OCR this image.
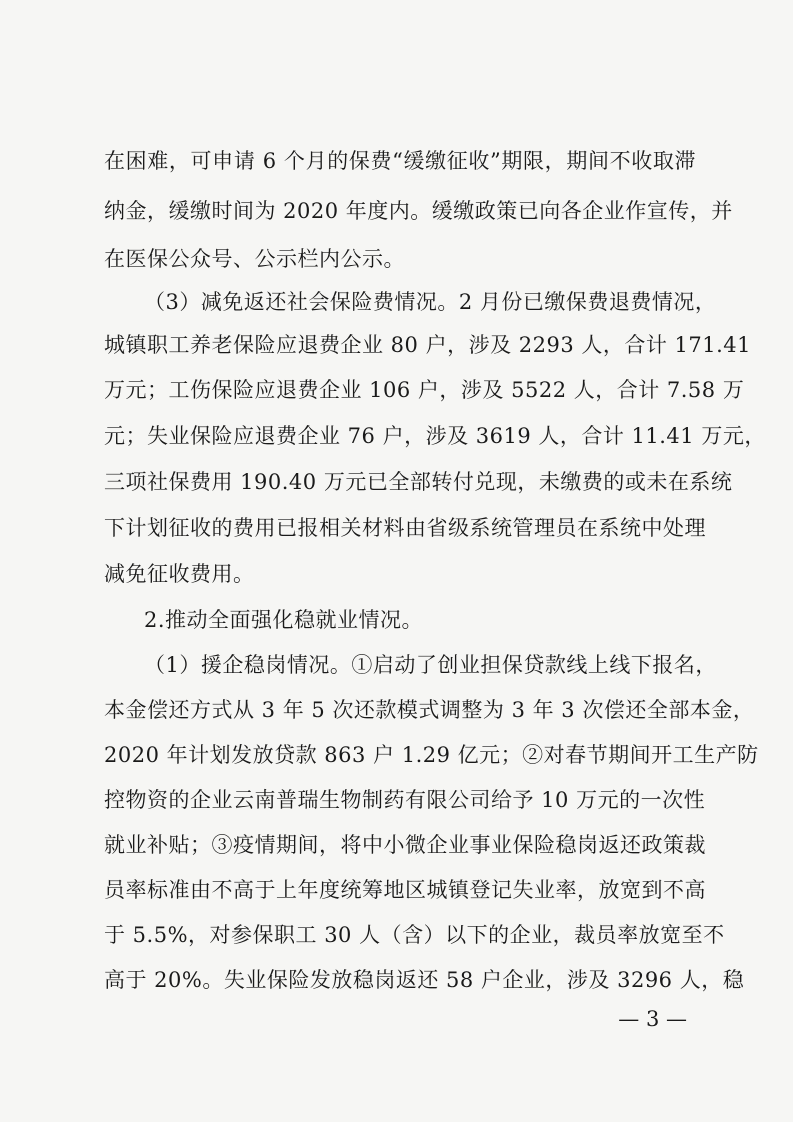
在困难，可申请 6 个月的保费“缓缴征收”期限，期间不收取滞
纳金，缓缴时间为 2020 年度内。缓缴政策已向各企业作宣传，并
在医保公众号、公示栏内公示。
（3）减免返还社会保险费情况。2 月份已缴保费退费情况，
城镇职工养老保险应退费企业 80 户，涉及 2293 人，合计 171.41
万元；工伤保险应退费企业 106 户，涉及 5522 人，合计 7.58 万
元；失业保险应退费企业 76 户，涉及 3619 人，合计 11.41 万元，
三项社保费用 190.40 万元已全部转付兑现，未缴费的或未在系统
下计划征收的费用已报相关材料由省级系统管理员在系统中处理
减免征收费用。
2.推动全面强化稳就业情况。
（1）援企稳岗情况。①启动了创业担保贷款线上线下报名，
本金偿还方式从 3 年 5 次还款模式调整为 3 年 3 次偿还全部本金，
2020 年计划发放贷款 863 户 1.29 亿元；②对春节期间开工生产防
控物资的企业云南普瑞生物制药有限公司给予 10 万元的一次性
就业补贴；③疫情期间，将中小微企业事业保险稳岗返还政策裁
员率标准由不高于上年度统筹地区城镇登记失业率，放宽到不高
于 5.5%，对参保职工 30 人（含）以下的企业，裁员率放宽至不
高于 20%。失业保险发放稳岗返还 58 户企业，涉及 3296 人，稳
— 3 —
